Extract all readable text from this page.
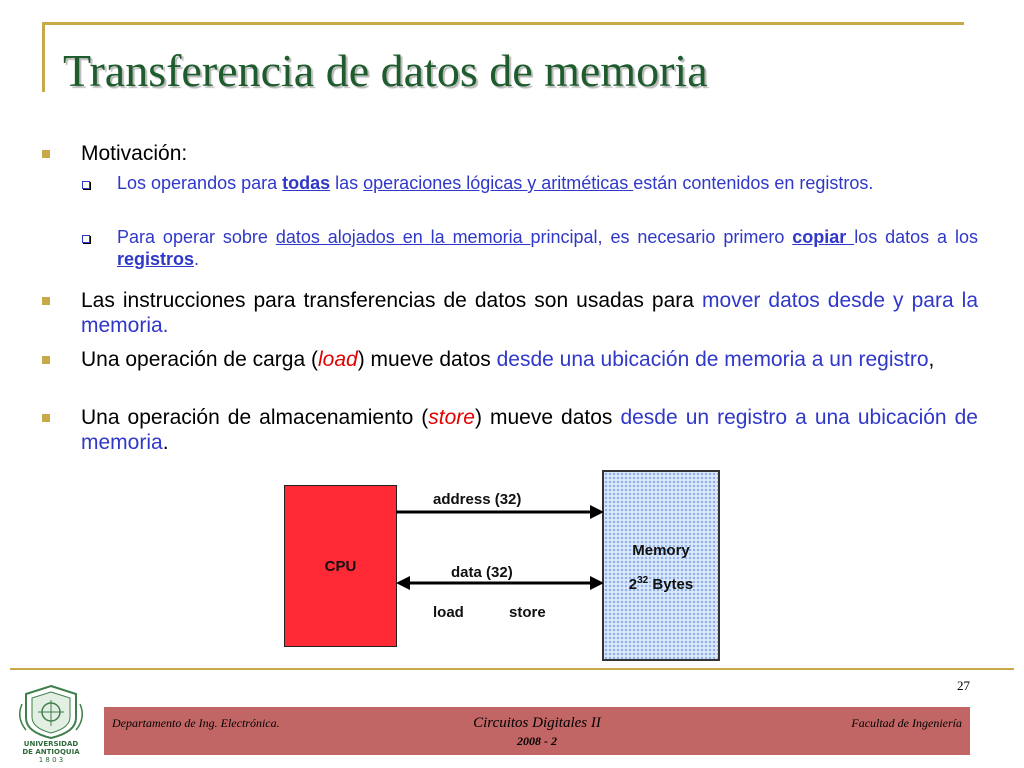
Transferencia de datos de memoria

Motivación:

Los operandos para todas las operaciones lógicas y aritméticas están contenidos en registros.

Para operar sobre datos alojados en la memoria principal, es necesario primero copiar los datos a los registros.

Las instrucciones para transferencias de datos son usadas para mover datos desde y para la memoria.

Una operación de carga (load) mueve datos desde una ubicación de memoria a un registro,

Una operación de almacenamiento (store) mueve datos desde un registro a una ubicación de memoria.

CPU
Memory
$2^{32}$ Bytes
address (32)
data (32)
load	store
27
UNIVERSIDAD
DE ANTIOQUIA
1 8 0 3
Departamento de Ing. Electrónica.	Circuitos Digitales II
2008 - 2
Facultad de Ingeniería
